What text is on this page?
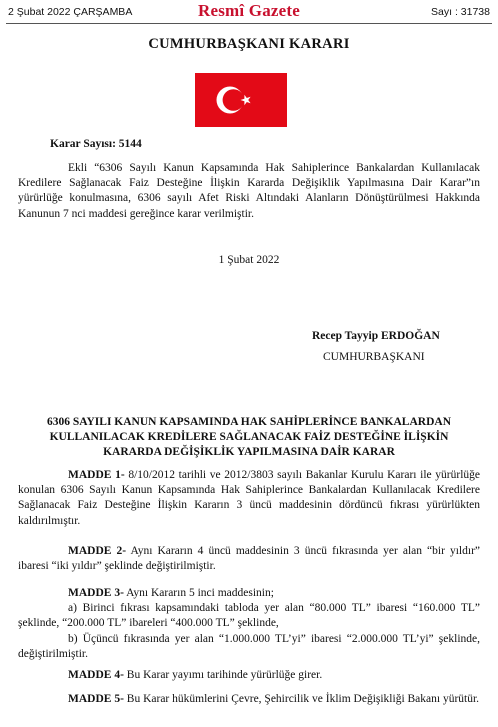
2 Şubat 2022 ÇARŞAMBA	Resmî Gazete	Sayı : 31738
CUMHURBAŞKANI KARARI
Karar Sayısı: 5144

Ekli “6306 Sayılı Kanun Kapsamında Hak Sahiplerince Bankalardan Kullanılacak Kredilere Sağlanacak Faiz Desteğine İlişkin Kararda Değişiklik Yapılmasına Dair Karar”ın yürürlüğe konulmasına, 6306 sayılı Afet Riski Altındaki Alanların Dönüştürülmesi Hakkında Kanunun 7 nci maddesi gereğince karar verilmiştir.

1 Şubat 2022
Recep Tayyip ERDOĞAN
CUMHURBAŞKANI
6306 SAYILI KANUN KAPSAMINDA HAK SAHİPLERİNCE BANKALARDAN
KULLANILACAK KREDİLERE SAĞLANACAK FAİZ DESTEĞİNE İLİŞKİN
KARARDA DEĞİŞİKLİK YAPILMASINA DAİR KARAR

MADDE 1- 8/10/2012 tarihli ve 2012/3803 sayılı Bakanlar Kurulu Kararı ile yürürlüğe konulan 6306 Sayılı Kanun Kapsamında Hak Sahiplerince Bankalardan Kullanılacak Kredilere Sağlanacak Faiz Desteğine İlişkin Kararın 3 üncü maddesinin dördüncü fıkrası yürürlükten kaldırılmıştır.

MADDE 2- Aynı Kararın 4 üncü maddesinin 3 üncü fıkrasında yer alan “bir yıldır” ibaresi “iki yıldır” şeklinde değiştirilmiştir.

MADDE 3- Aynı Kararın 5 inci maddesinin;

a) Birinci fıkrası kapsamındaki tabloda yer alan “80.000 TL” ibaresi “160.000 TL” şeklinde, “200.000 TL” ibareleri “400.000 TL” şeklinde,

b) Üçüncü fıkrasında yer alan “1.000.000 TL’yi” ibaresi “2.000.000 TL’yi” şeklinde, değiştirilmiştir.

MADDE 4- Bu Karar yayımı tarihinde yürürlüğe girer.

MADDE 5- Bu Karar hükümlerini Çevre, Şehircilik ve İklim Değişikliği Bakanı yürütür.
